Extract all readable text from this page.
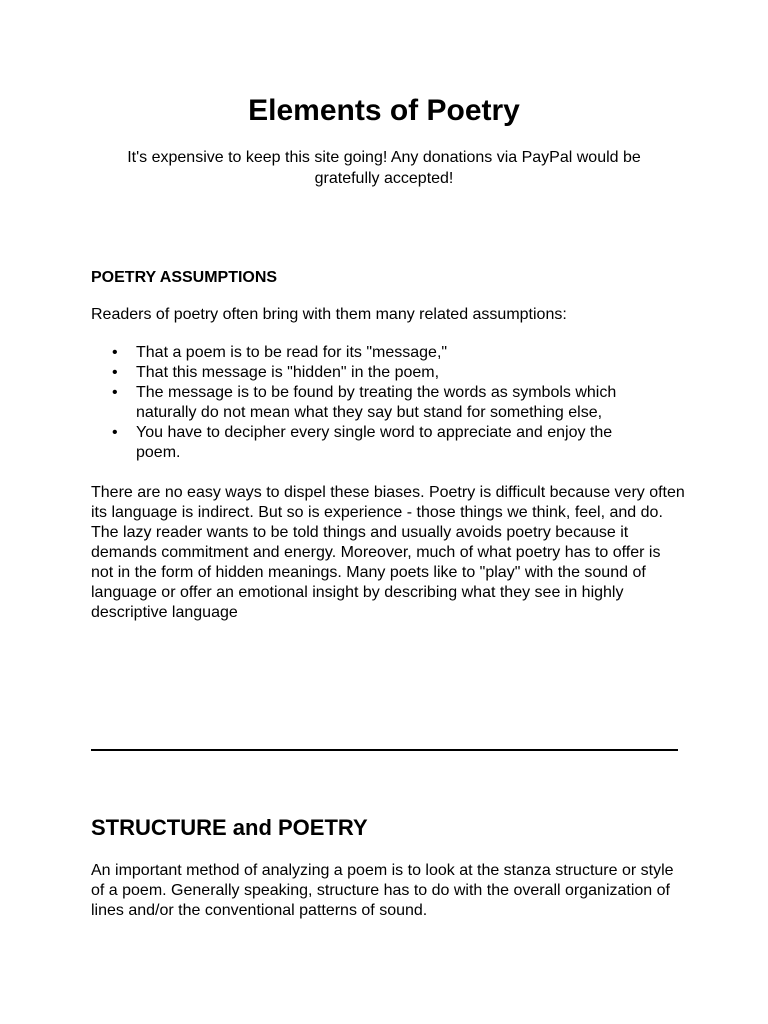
Elements of Poetry

It's expensive to keep this site going! Any donations via PayPal would be gratefully accepted!

POETRY ASSUMPTIONS

Readers of poetry often bring with them many related assumptions:

• That a poem is to be read for its "message,"
• That this message is "hidden" in the poem,
• The message is to be found by treating the words as symbols which naturally do not mean what they say but stand for something else,
• You have to decipher every single word to appreciate and enjoy the poem.

There are no easy ways to dispel these biases. Poetry is difficult because very often its language is indirect. But so is experience - those things we think, feel, and do. The lazy reader wants to be told things and usually avoids poetry because it demands commitment and energy. Moreover, much of what poetry has to offer is not in the form of hidden meanings. Many poets like to "play" with the sound of language or offer an emotional insight by describing what they see in highly descriptive language

STRUCTURE and POETRY

An important method of analyzing a poem is to look at the stanza structure or style of a poem. Generally speaking, structure has to do with the overall organization of lines and/or the conventional patterns of sound.
